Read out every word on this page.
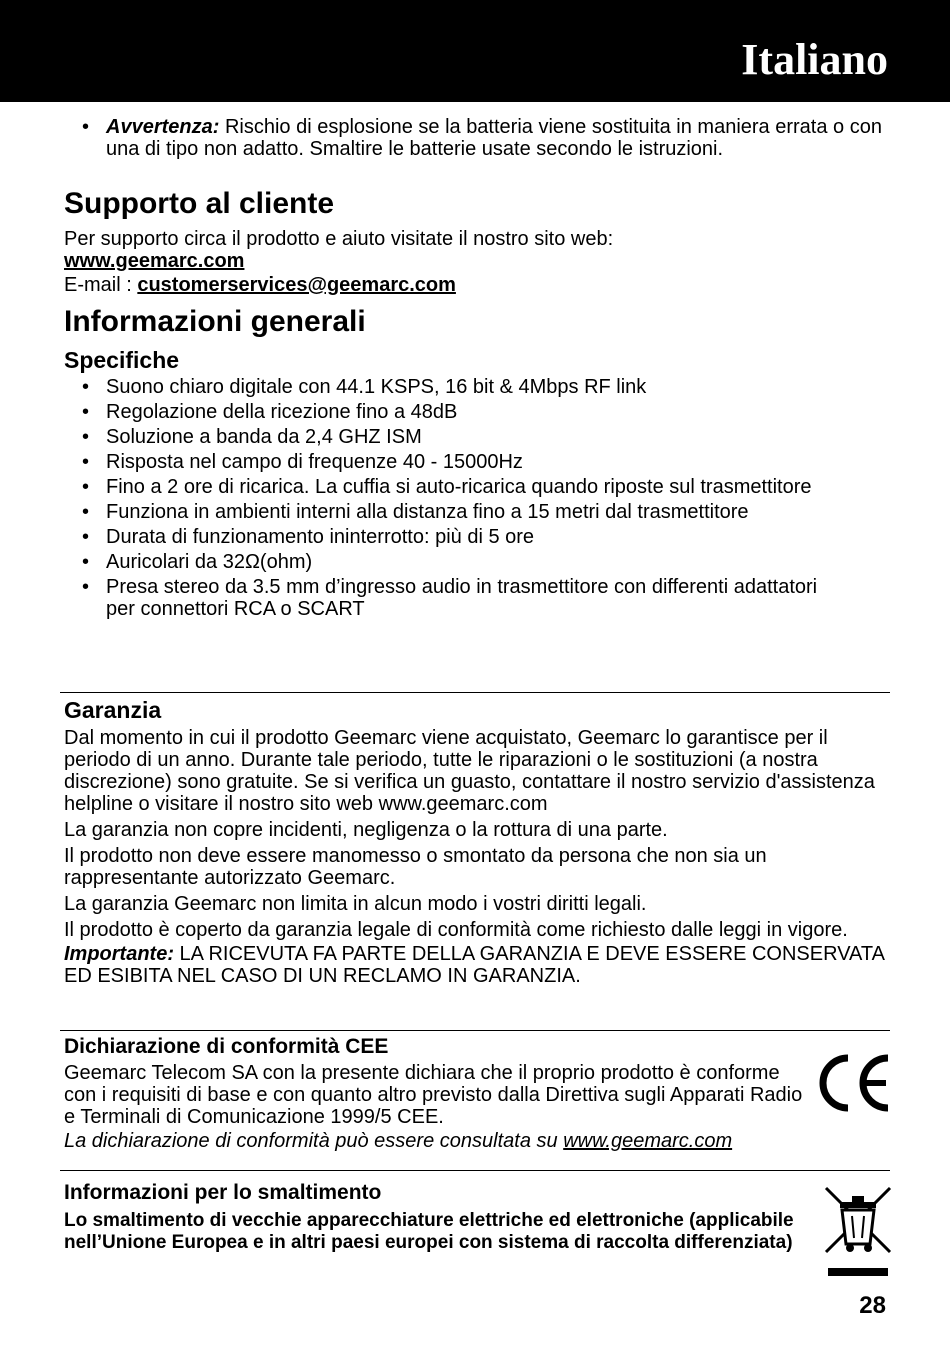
Italiano
• Avvertenza: Rischio di esplosione se la batteria viene sostituita in maniera errata o con una di tipo non adatto. Smaltire le batterie usate secondo le istruzioni.
Supporto al cliente
Per supporto circa il prodotto e aiuto visitate il nostro sito web:
www.geemarc.com
E-mail : customerservices@geemarc.com
Informazioni generali
Specifiche
• Suono chiaro digitale con 44.1 KSPS, 16 bit & 4Mbps RF link
• Regolazione della ricezione fino a 48dB
• Soluzione a banda da 2,4 GHZ ISM
• Risposta nel campo di frequenze 40 - 15000Hz
• Fino a 2 ore di ricarica. La cuffia si auto-ricarica quando riposte sul trasmettitore
• Funziona in ambienti interni alla distanza fino a 15 metri dal trasmettitore
• Durata di funzionamento ininterrotto: più di 5 ore
• Auricolari da 32Ω(ohm)
• Presa stereo da 3.5 mm d’ingresso audio in trasmettitore con differenti adattatori per connettori RCA o SCART
Garanzia
Dal momento in cui il prodotto Geemarc viene acquistato, Geemarc lo garantisce per il periodo di un anno. Durante tale periodo, tutte le riparazioni o le sostituzioni (a nostra discrezione) sono gratuite. Se si verifica un guasto, contattare il nostro servizio d'assistenza helpline o visitare il nostro sito web www.geemarc.com
La garanzia non copre incidenti, negligenza o la rottura di una parte.
Il prodotto non deve essere manomesso o smontato da persona che non sia un rappresentante autorizzato Geemarc.
La garanzia Geemarc non limita in alcun modo i vostri diritti legali.
Il prodotto è coperto da garanzia legale di conformità come richiesto dalle leggi in vigore.
Importante: LA RICEVUTA FA PARTE DELLA GARANZIA E DEVE ESSERE CONSERVATA ED ESIBITA NEL CASO DI UN RECLAMO IN GARANZIA.
Dichiarazione di conformità CEE
Geemarc Telecom SA con la presente dichiara che il proprio prodotto è conforme con i requisiti di base e con quanto altro previsto dalla Direttiva sugli Apparati Radio e Terminali di Comunicazione 1999/5 CEE.
La dichiarazione di conformità può essere consultata su www.geemarc.com
Informazioni per lo smaltimento
Lo smaltimento di vecchie apparecchiature elettriche ed elettroniche (applicabile nell’Unione Europea e in altri paesi europei con sistema di raccolta differenziata)
28
